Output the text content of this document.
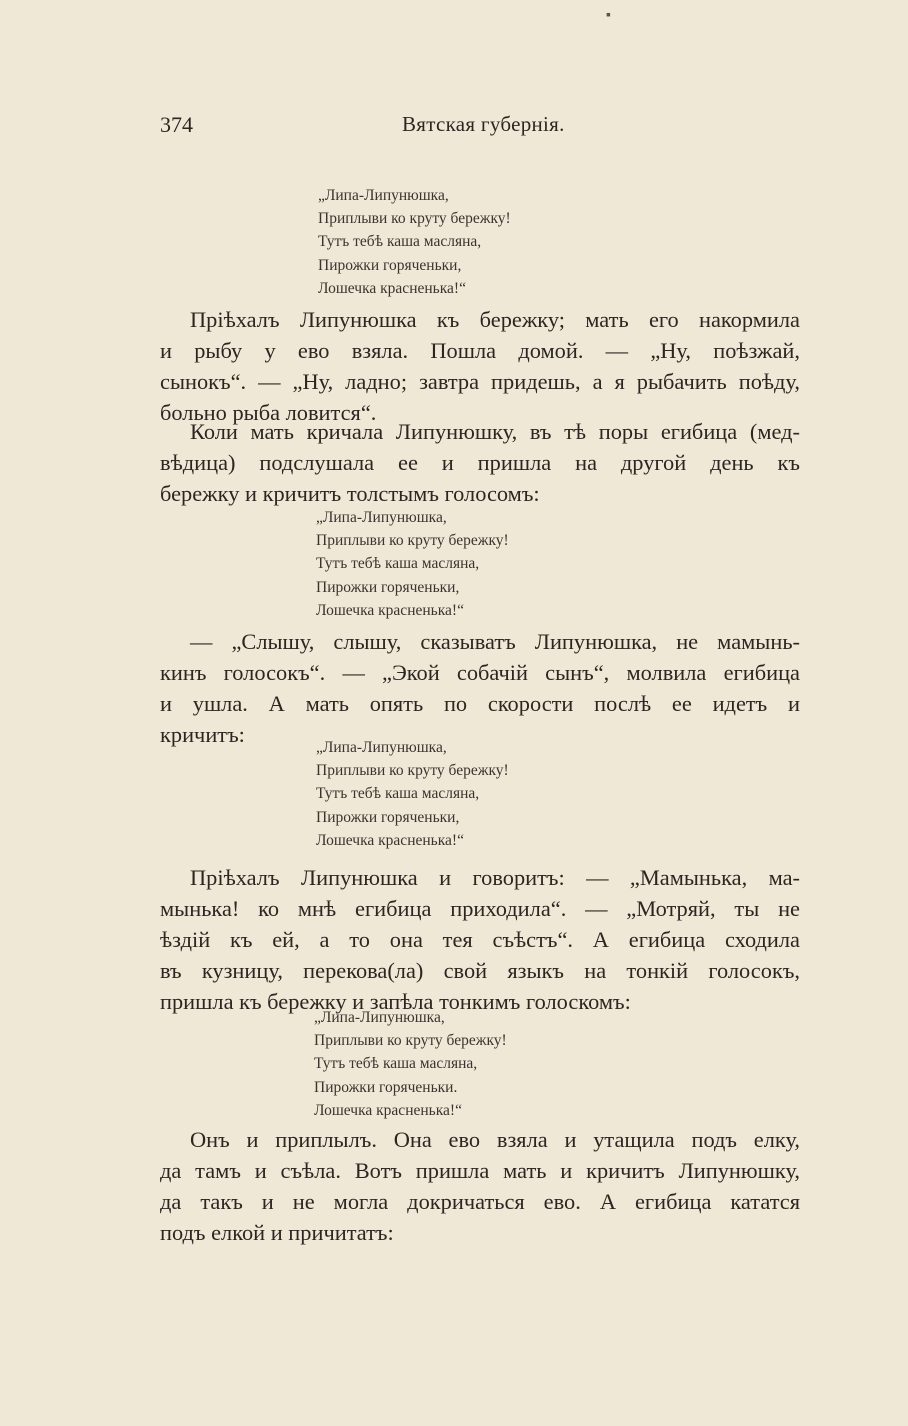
▪
374	Вятская губернія.
„Липа-Липунюшка,
Приплыви ко круту бережку!
Тутъ тебѣ каша масляна,
Пирожки горяченьки,
Лошечка красненька!“
Пріѣхалъ Липунюшка къ бережку; мать его накормила
и рыбу у ево взяла. Пошла домой. — „Ну, поѣзжай,
сынокъ“. — „Ну, ладно; завтра придешь, а я рыбачить поѣду,
больно рыба ловится“.
Коли мать кричала Липунюшку, въ тѣ поры егибица (мед-
вѣдица) подслушала ее и пришла на другой день къ
бережку и кричитъ толстымъ голосомъ:
„Липа-Липунюшка,
Приплыви ко круту бережку!
Тутъ тебѣ каша масляна,
Пирожки горяченьки,
Лошечка красненька!“
— „Слышу, слышу, сказыватъ Липунюшка, не мамынь-
кинъ голосокъ“. — „Экой собачій сынъ“, молвила егибица
и ушла. А мать опять по скорости послѣ ее идетъ и
кричитъ:
„Липа-Липунюшка,
Приплыви ко круту бережку!
Тутъ тебѣ каша масляна,
Пирожки горяченьки,
Лошечка красненька!“
Пріѣхалъ Липунюшка и говоритъ: — „Мамынька, ма-
мынька! ко мнѣ егибица приходила“. — „Мотряй, ты не
ѣздій къ ей, а то она тея съѣстъ“. А егибица сходила
въ кузницу, перекова(ла) свой языкъ на тонкій голосокъ,
пришла къ бережку и запѣла тонкимъ голоскомъ:
„Липа-Липунюшка,
Приплыви ко круту бережку!
Тутъ тебѣ каша масляна,
Пирожки горяченьки.
Лошечка красненька!“
Онъ и приплылъ. Она ево взяла и утащила подъ елку,
да тамъ и съѣла. Вотъ пришла мать и кричитъ Липунюшку,
да такъ и не могла докричаться ево. А егибица кататся
подъ елкой и причитатъ:
